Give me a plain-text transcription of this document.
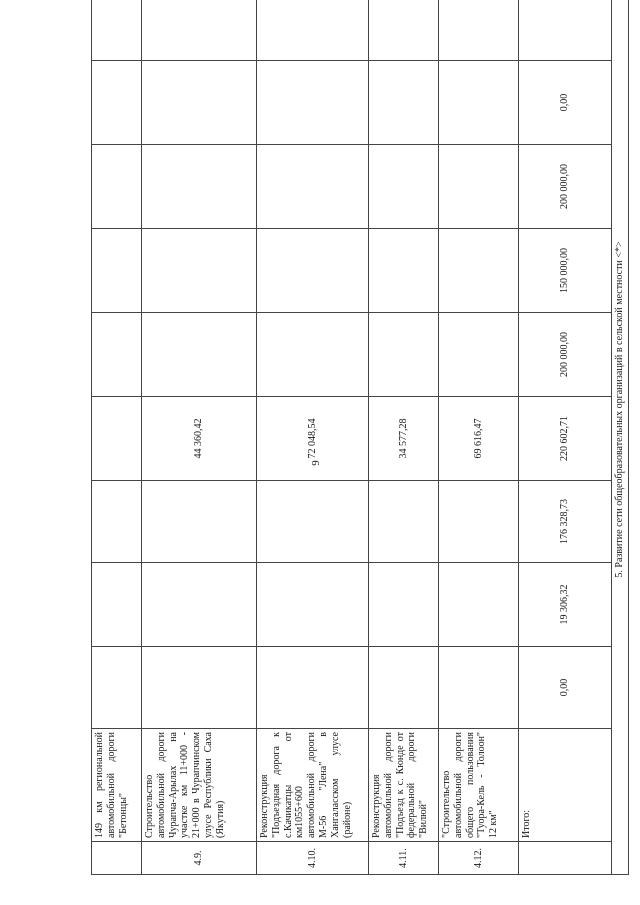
9
	149 км региональной автомобильной дороги "Бетонцы"									
4.9.	Строительство автомобильной дороги Чурапча-Арылах на участке км 11+000 - 21+000 в Чурапчинском улусе Республики Саха (Якутия)				44 360,42					
4.10.	Реконструкция "Подъездная дорога к с.Качикатцы от км1055+600 автомобильной дороги М-56 "Лена" в Хангаласском улусе (районе)				72 048,54					
4.11.	Реконструкция автомобильной дороги "Подъезд к с. Кюнде от федеральной дороги "Вилюй"				34 577,28					
4.12.	"Строительство автомобильной дороги общего пользования "Туора-Кель - Толоон" 12 км"				69 616,47					
	Итого:	0,00	19 306,32	176 328,73	220 602,71	200 000,00	150 000,00	200 000,00	0,00	
5. Развитие сети общеобразовательных организаций в сельской местности <*>										
